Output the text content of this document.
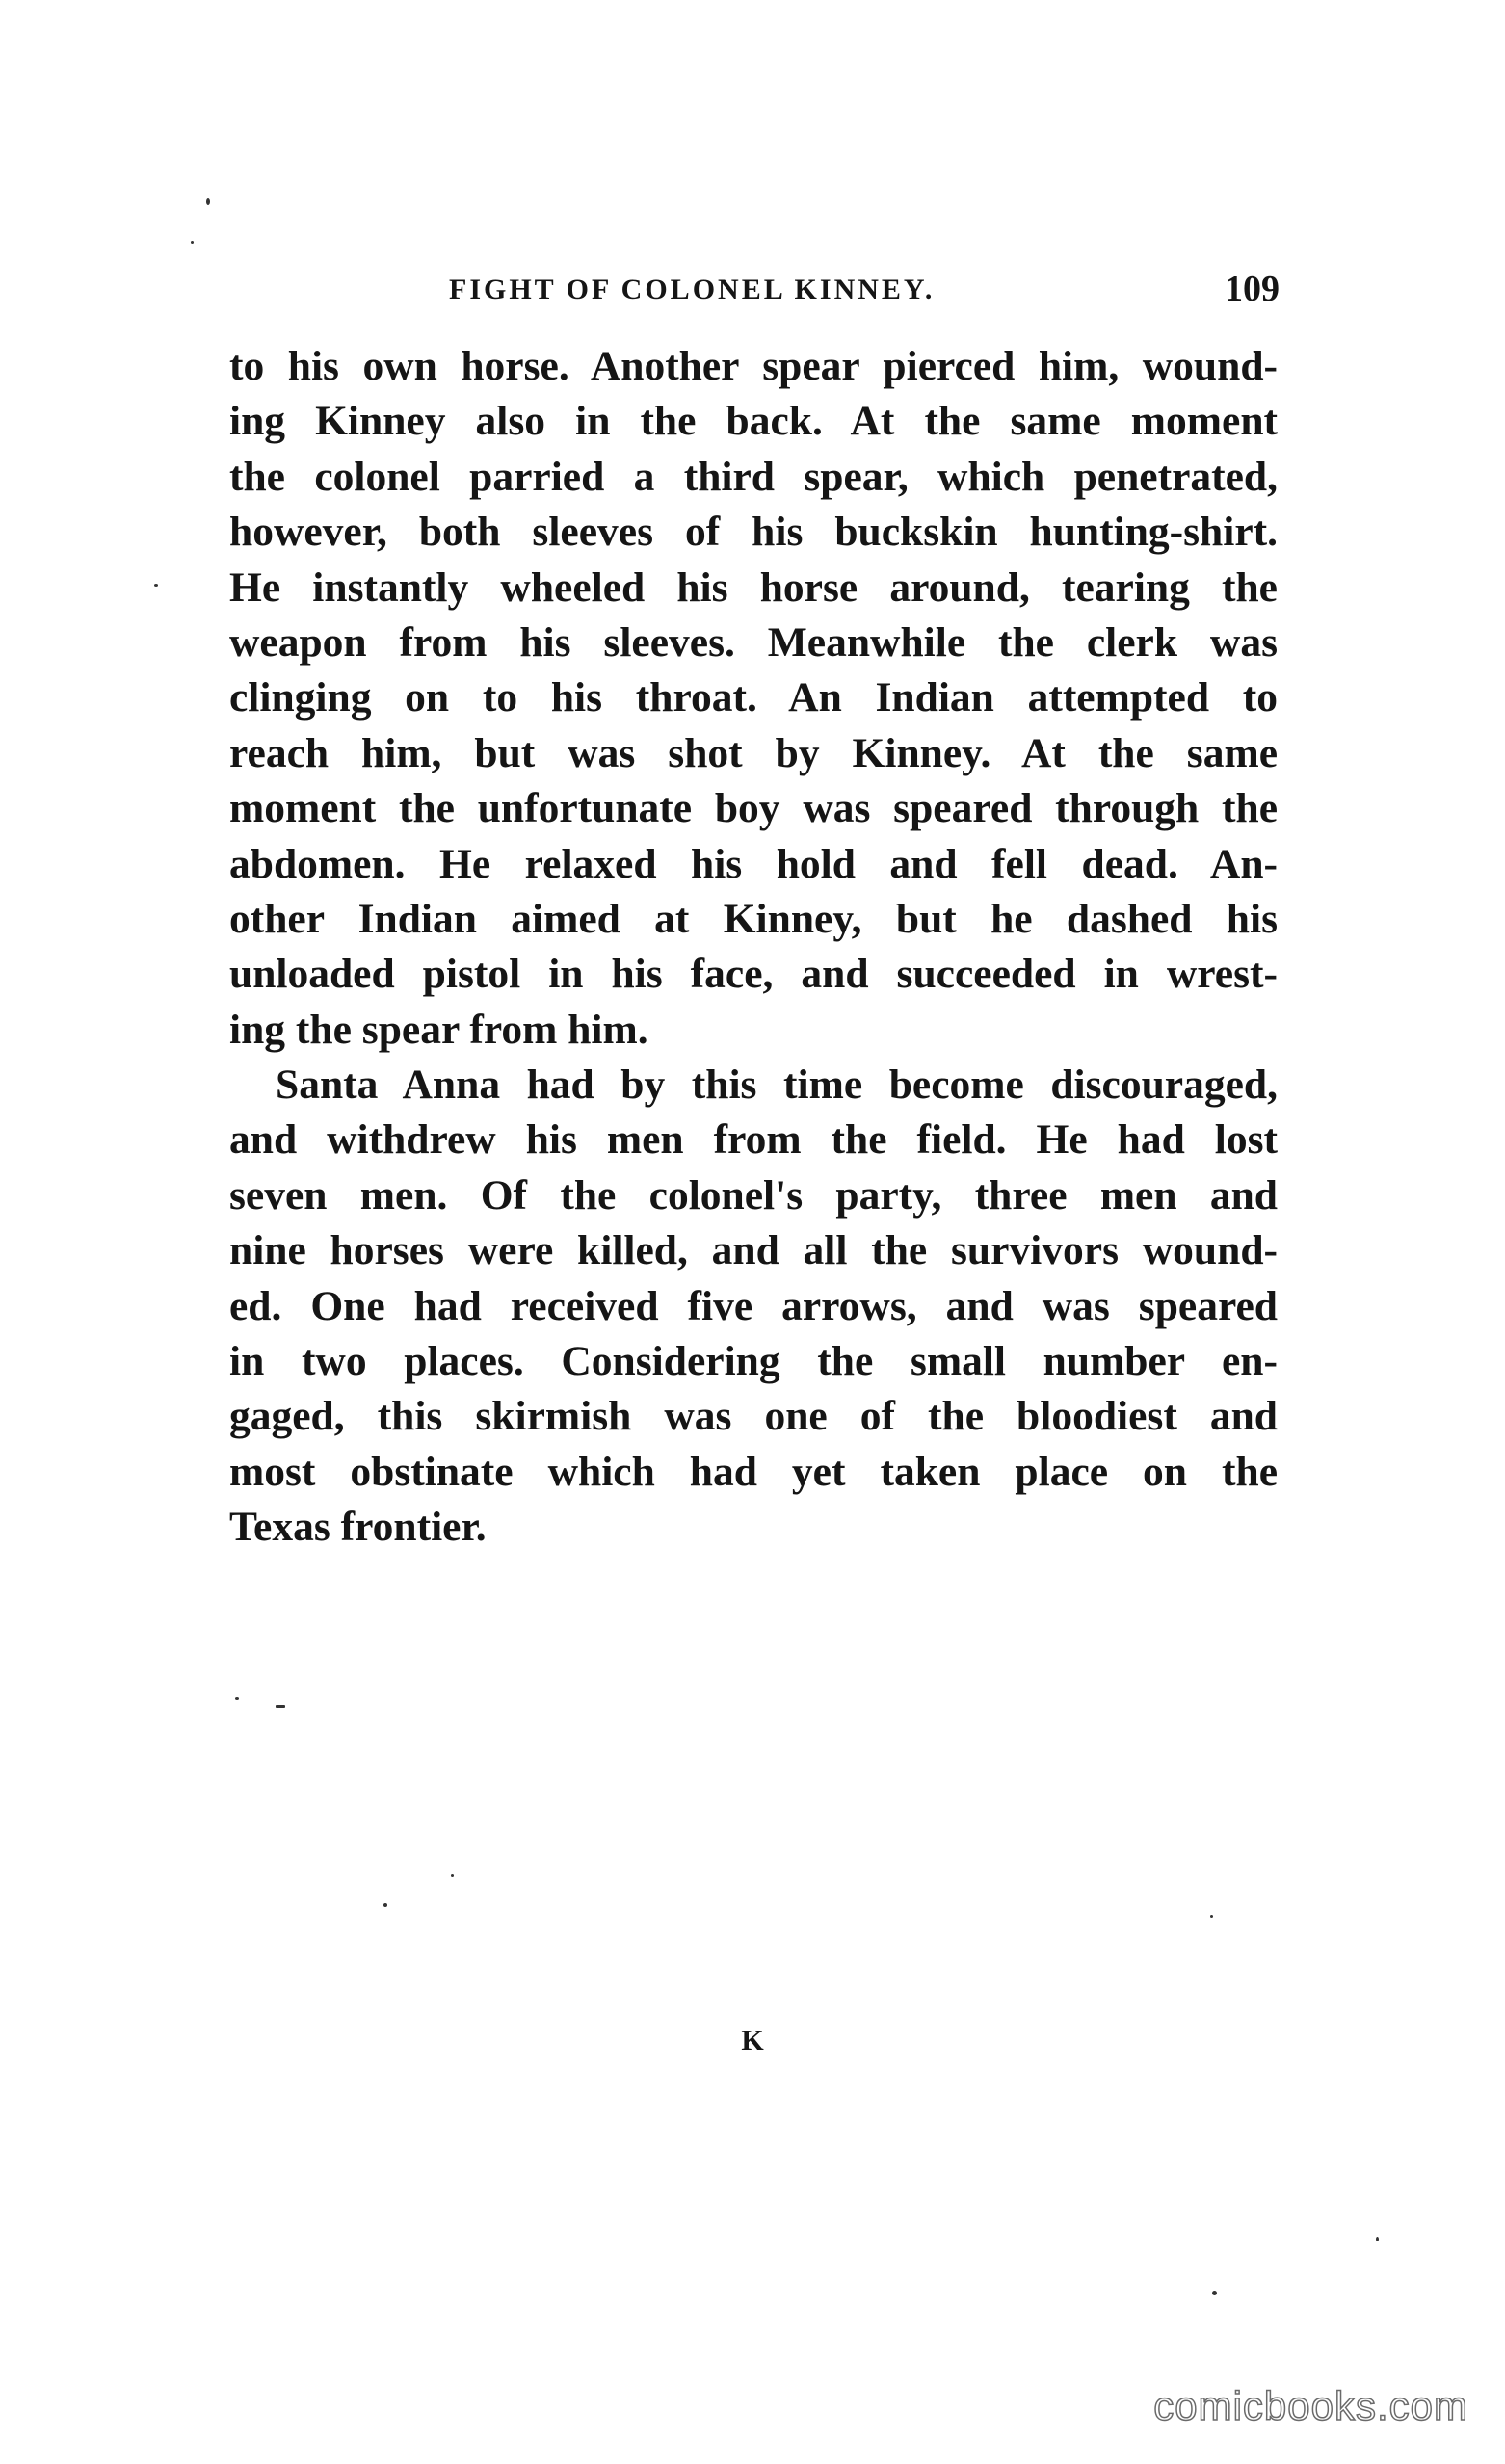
FIGHT OF COLONEL KINNEY.	109
to his own horse. Another spear pierced him, wound-
ing Kinney also in the back. At the same moment
the colonel parried a third spear, which penetrated,
however, both sleeves of his buckskin hunting-shirt.
He instantly wheeled his horse around, tearing the
weapon from his sleeves. Meanwhile the clerk was
clinging on to his throat. An Indian attempted to
reach him, but was shot by Kinney. At the same
moment the unfortunate boy was speared through the
abdomen. He relaxed his hold and fell dead. An-
other Indian aimed at Kinney, but he dashed his
unloaded pistol in his face, and succeeded in wrest-
ing the spear from him.
Santa Anna had by this time become discouraged,
and withdrew his men from the field. He had lost
seven men. Of the colonel's party, three men and
nine horses were killed, and all the survivors wound-
ed. One had received five arrows, and was speared
in two places. Considering the small number en-
gaged, this skirmish was one of the bloodiest and
most obstinate which had yet taken place on the
Texas frontier.
K
comicbooks.com
